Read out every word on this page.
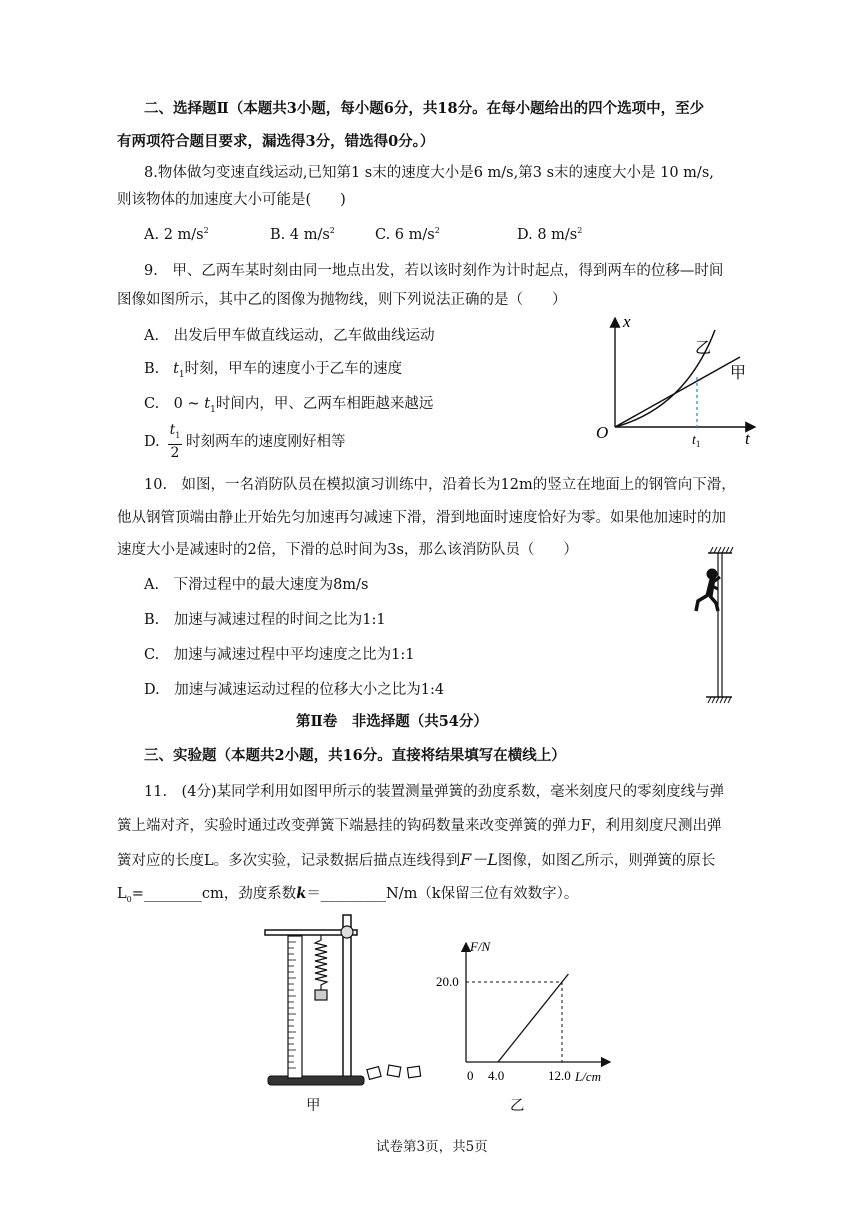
二、选择题Ⅱ（本题共3小题，每小题6分，共18分。在每小题给出的四个选项中，至少
有两项符合题目要求，漏选得3分，错选得0分。）
8.物体做匀变速直线运动,已知第1 s末的速度大小是6 m/s,第3 s末的速度大小是 10 m/s,
则该物体的加速度大小可能是(　　)
A. 2 $m/s^2$	B. 4 $m/s^2$	C. 6 $m/s^2$	D. 8 $m/s^2$
9.　甲、乙两车某时刻由同一地点出发，若以该时刻作为计时起点，得到两车的位移—时间
图像如图所示，其中乙的图像为抛物线，则下列说法正确的是（　　）
A.　出发后甲车做直线运动，乙车做曲线运动
B. $t_1$时刻，甲车的速度小于乙车的速度
C.　0 ~ $t_1$时间内，甲、乙两车相距越来越远
D.
$t_1$
2
时刻两车的速度刚好相等
x
t
O	$t_1$
乙
甲
10.　如图，一名消防队员在模拟演习训练中，沿着长为12m的竖立在地面上的钢管向下滑，
他从钢管顶端由静止开始先匀加速再匀减速下滑，滑到地面时速度恰好为零。如果他加速时的加
速度大小是减速时的2倍，下滑的总时间为3s，那么该消防队员（　　）
A.　下滑过程中的最大速度为8m/s
B.　加速与减速过程的时间之比为1:1
C.　加速与减速过程中平均速度之比为1:1
D.　加速与减速运动过程的位移大小之比为1:4
第Ⅱ卷　非选择题（共54分）
三、实验题（本题共2小题，共16分。直接将结果填写在横线上）
11.　(4分)某同学利用如图甲所示的装置测量弹簧的劲度系数，毫米刻度尺的零刻度线与弹
簧上端对齐，实验时通过改变弹簧下端悬挂的钩码数量来改变弹簧的弹力F，利用刻度尺测出弹
簧对应的长度L。多次实验，记录数据后描点连线得到F－L图像，如图乙所示，则弹簧的原长
$L_0=\_\_\_\_\_\_\_\_cm$，劲度系数k＝_________N/m（k保留三位有效数字）。
甲
F/N
L/cm
0
20.0
4.0	12.0
乙
试卷第3页，共5页
